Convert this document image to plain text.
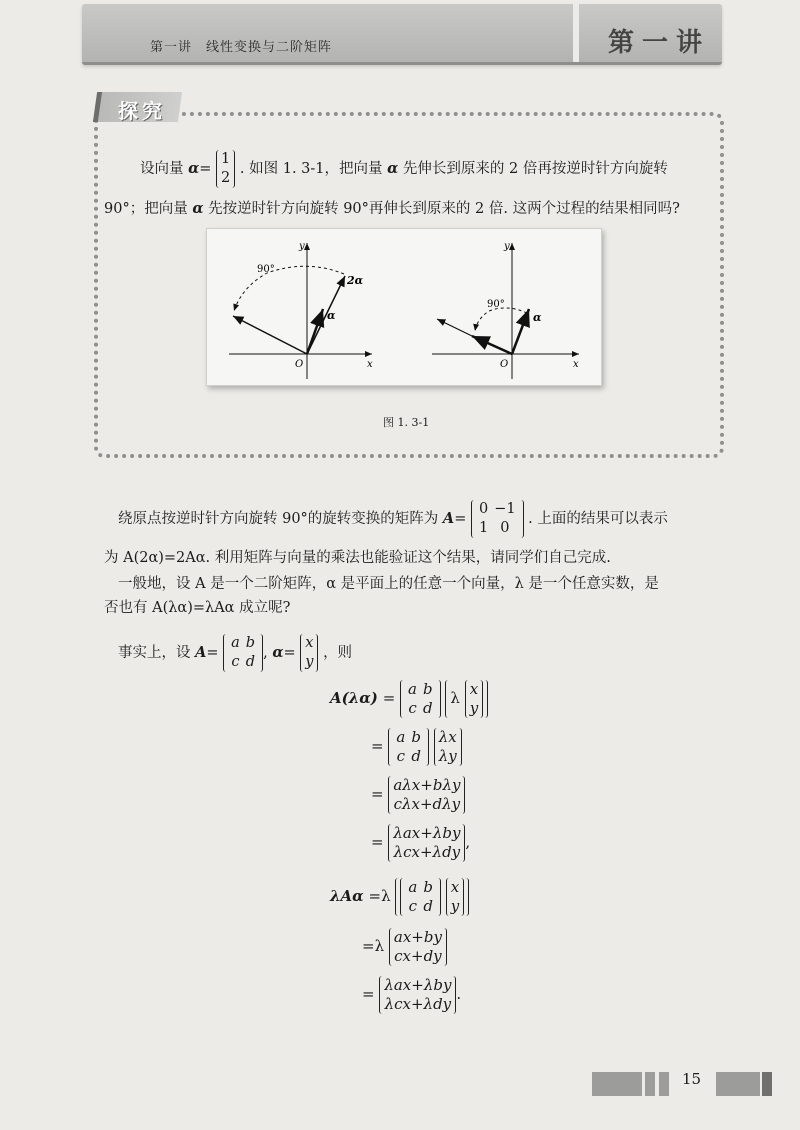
第一讲　线性变换与二阶矩阵	第一讲
探究
设向量 α=
1
2
. 如图 1. 3-1，把向量 α 先伸长到原来的 2 倍再按逆时针方向旋转
90°；把向量 α 先按逆时针方向旋转 90°再伸长到原来的 2 倍. 这两个过程的结果相同吗?
90°
y
x
O
α
2α
90°
y
x
O
α
图 1. 3-1
绕原点按逆时针方向旋转 90°的旋转变换的矩阵为 A=
0	−1
1	0
. 上面的结果可以表示
为 A(2α)=2Aα. 利用矩阵与向量的乘法也能验证这个结果，请同学们自己完成.
一般地，设 A 是一个二阶矩阵，α 是平面上的任意一个向量，λ 是一个任意实数，是
否也有 A(λα)=λAα 成立呢?
事实上，设 A=
a	b
c	d
, α=
x
y
，则
A(λα) = a	b
c	d
λ x
y
= a	b
c	d

λx
λy
= aλx+bλy
cλx+dλy
= λax+λby
λcx+λdy
,
λAα =λ a	b
c	d

x
y
=λ ax+by
cx+dy
= λax+λby
λcx+λdy
.
15
